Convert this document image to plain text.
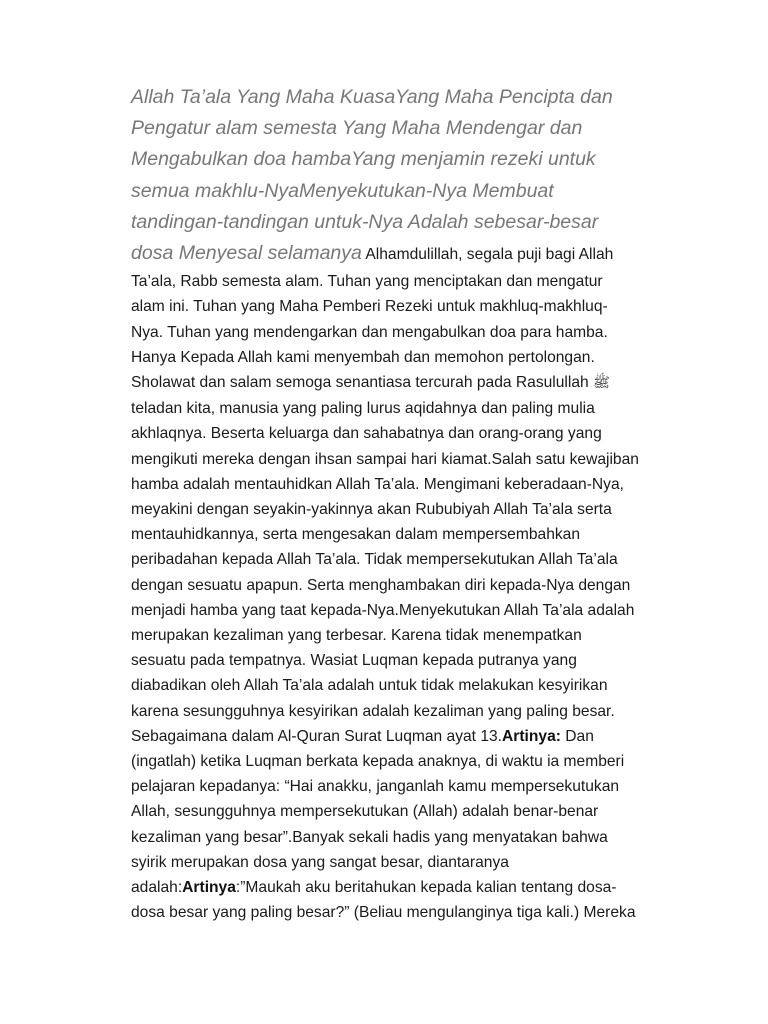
Allah Ta’ala Yang Maha KuasaYang Maha Pencipta dan
Pengatur alam semesta Yang Maha Mendengar dan
Mengabulkan doa hambaYang menjamin rezeki untuk
semua makhlu-NyaMenyekutukan-Nya Membuat
tandingan-tandingan untuk-Nya Adalah sebesar-besar
dosa Menyesal selamanya Alhamdulillah, segala puji bagi Allah Ta’ala, Rabb semesta alam. Tuhan yang menciptakan dan mengatur alam ini. Tuhan yang Maha Pemberi Rezeki untuk makhluq-makhluq-Nya. Tuhan yang mendengarkan dan mengabulkan doa para hamba. Hanya Kepada Allah kami menyembah dan memohon pertolongan. Sholawat dan salam semoga senantiasa tercurah pada Rasulullah ﷺ
teladan kita, manusia yang paling lurus aqidahnya dan paling mulia akhlaqnya. Beserta keluarga dan sahabatnya dan orang-orang yang mengikuti mereka dengan ihsan sampai hari kiamat.Salah satu kewajiban hamba adalah mentauhidkan Allah Ta’ala. Mengimani keberadaan-Nya, meyakini dengan seyakin-yakinnya akan Rububiyah Allah Ta’ala serta mentauhidkannya, serta mengesakan dalam mempersembahkan peribadahan kepada Allah Ta’ala. Tidak mempersekutukan Allah Ta’ala dengan sesuatu apapun. Serta menghambakan diri kepada-Nya dengan menjadi hamba yang taat kepada-Nya.Menyekutukan Allah Ta’ala adalah merupakan kezaliman yang terbesar. Karena tidak menempatkan sesuatu pada tempatnya. Wasiat Luqman kepada putranya yang diabadikan oleh Allah Ta’ala adalah untuk tidak melakukan kesyirikan karena sesungguhnya kesyirikan adalah kezaliman yang paling besar. Sebagaimana dalam Al-Quran Surat Luqman ayat 13.Artinya: Dan (ingatlah) ketika Luqman berkata kepada anaknya, di waktu ia memberi pelajaran kepadanya: “Hai anakku, janganlah kamu mempersekutukan Allah, sesungguhnya mempersekutukan (Allah) adalah benar-benar kezaliman yang besar”.Banyak sekali hadis yang menyatakan bahwa syirik merupakan dosa yang sangat besar, diantaranya adalah:Artinya:”Maukah aku beritahukan kepada kalian tentang dosa-dosa besar yang paling besar?” (Beliau mengulanginya tiga kali.) Mereka
